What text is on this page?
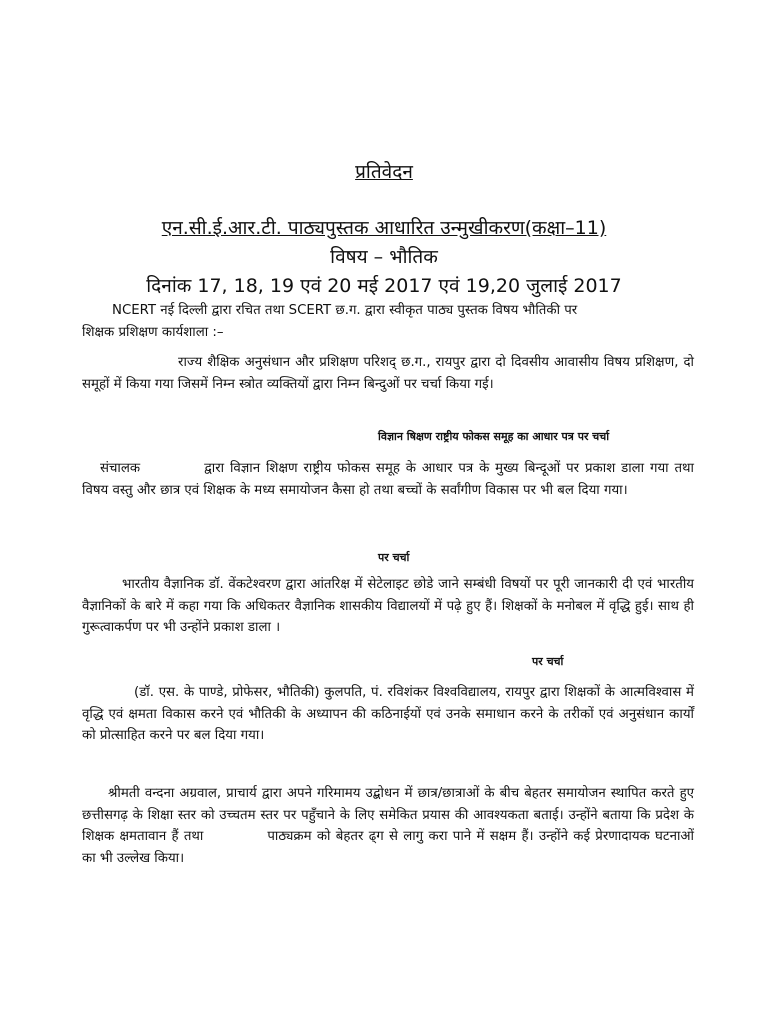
प्रतिवेदन
एन.सी.ई.आर.टी. पाठ्यपुस्तक आधारित उन्मुखीकरण(कक्षा–11)
विषय – भौतिक
दिनांक 17, 18, 19 एवं 20 मई 2017 एवं 19,20 जुलाई 2017
NCERT नई दिल्ली द्वारा रचित तथा SCERT छ.ग. द्वारा स्वीकृत पाठ्य पुस्तक विषय भौतिकी पर
शिक्षक प्रशिक्षण कार्यशाला :–
राज्य शैक्षिक अनुसंधान और प्रशिक्षण परिशद् छ.ग., रायपुर द्वारा दो दिवसीय आवासीय विषय प्रशिक्षण, दो समूहों में किया गया जिसमें निम्न स्त्रोत व्यक्तियों द्वारा निम्न बिन्दुओं पर चर्चा किया गई।
विज्ञान षिक्षण राष्ट्रीय फोकस समूह का आधार पत्र पर चर्चा
संचालक	द्वारा विज्ञान शिक्षण राष्ट्रीय फोकस समूह के आधार पत्र के मुख्य बिन्दूओं पर प्रकाश डाला गया तथा विषय वस्तु और छात्र एवं शिक्षक के मध्य समायोजन कैसा हो तथा बच्चों के सर्वांगीण विकास पर भी बल दिया गया।
पर चर्चा
भारतीय वैज्ञानिक डॉ. वेंकटेश्वरण द्वारा आंतरिक्ष में सेटेलाइट छोडे जाने सम्बंधी विषयों पर पूरी जानकारी दी एवं भारतीय वैज्ञानिकों के बारे में कहा गया कि अधिकतर वैज्ञानिक शासकीय विद्यालयों में पढ़े हुए हैं। शिक्षकों के मनोबल में वृद्धि हुई। साथ ही गुरूत्वाकर्पण पर भी उन्होंने प्रकाश डाला ।
पर चर्चा
(डॉ. एस. के पाण्डे, प्रोफेसर, भौतिकी) कुलपति, पं. रविशंकर विश्वविद्यालय, रायपुर द्वारा शिक्षकों के आत्मविश्वास में वृद्धि एवं क्षमता विकास करने एवं भौतिकी के अध्यापन की कठिनाईयों एवं उनके समाधान करने के तरीकों एवं अनुसंधान कार्यों को प्रोत्साहित करने पर बल दिया गया।
श्रीमती वन्दना अग्रवाल, प्राचार्य द्वारा अपने गरिमामय उद्बोधन में छात्र/छात्राओं के बीच बेहतर समायोजन स्थापित करते हुए छत्तीसगढ़ के शिक्षा स्तर को उच्चतम स्तर पर पहुँचाने के लिए समेकित प्रयास की आवश्यकता बताई। उन्होंने बताया कि प्रदेश के शिक्षक क्षमतावान हैं तथा	पाठ्यक्रम को बेहतर ढ्ग से लागु करा पाने में सक्षम हैं। उन्होंने कई प्रेरणादायक घटनाओं का भी उल्लेख किया।
